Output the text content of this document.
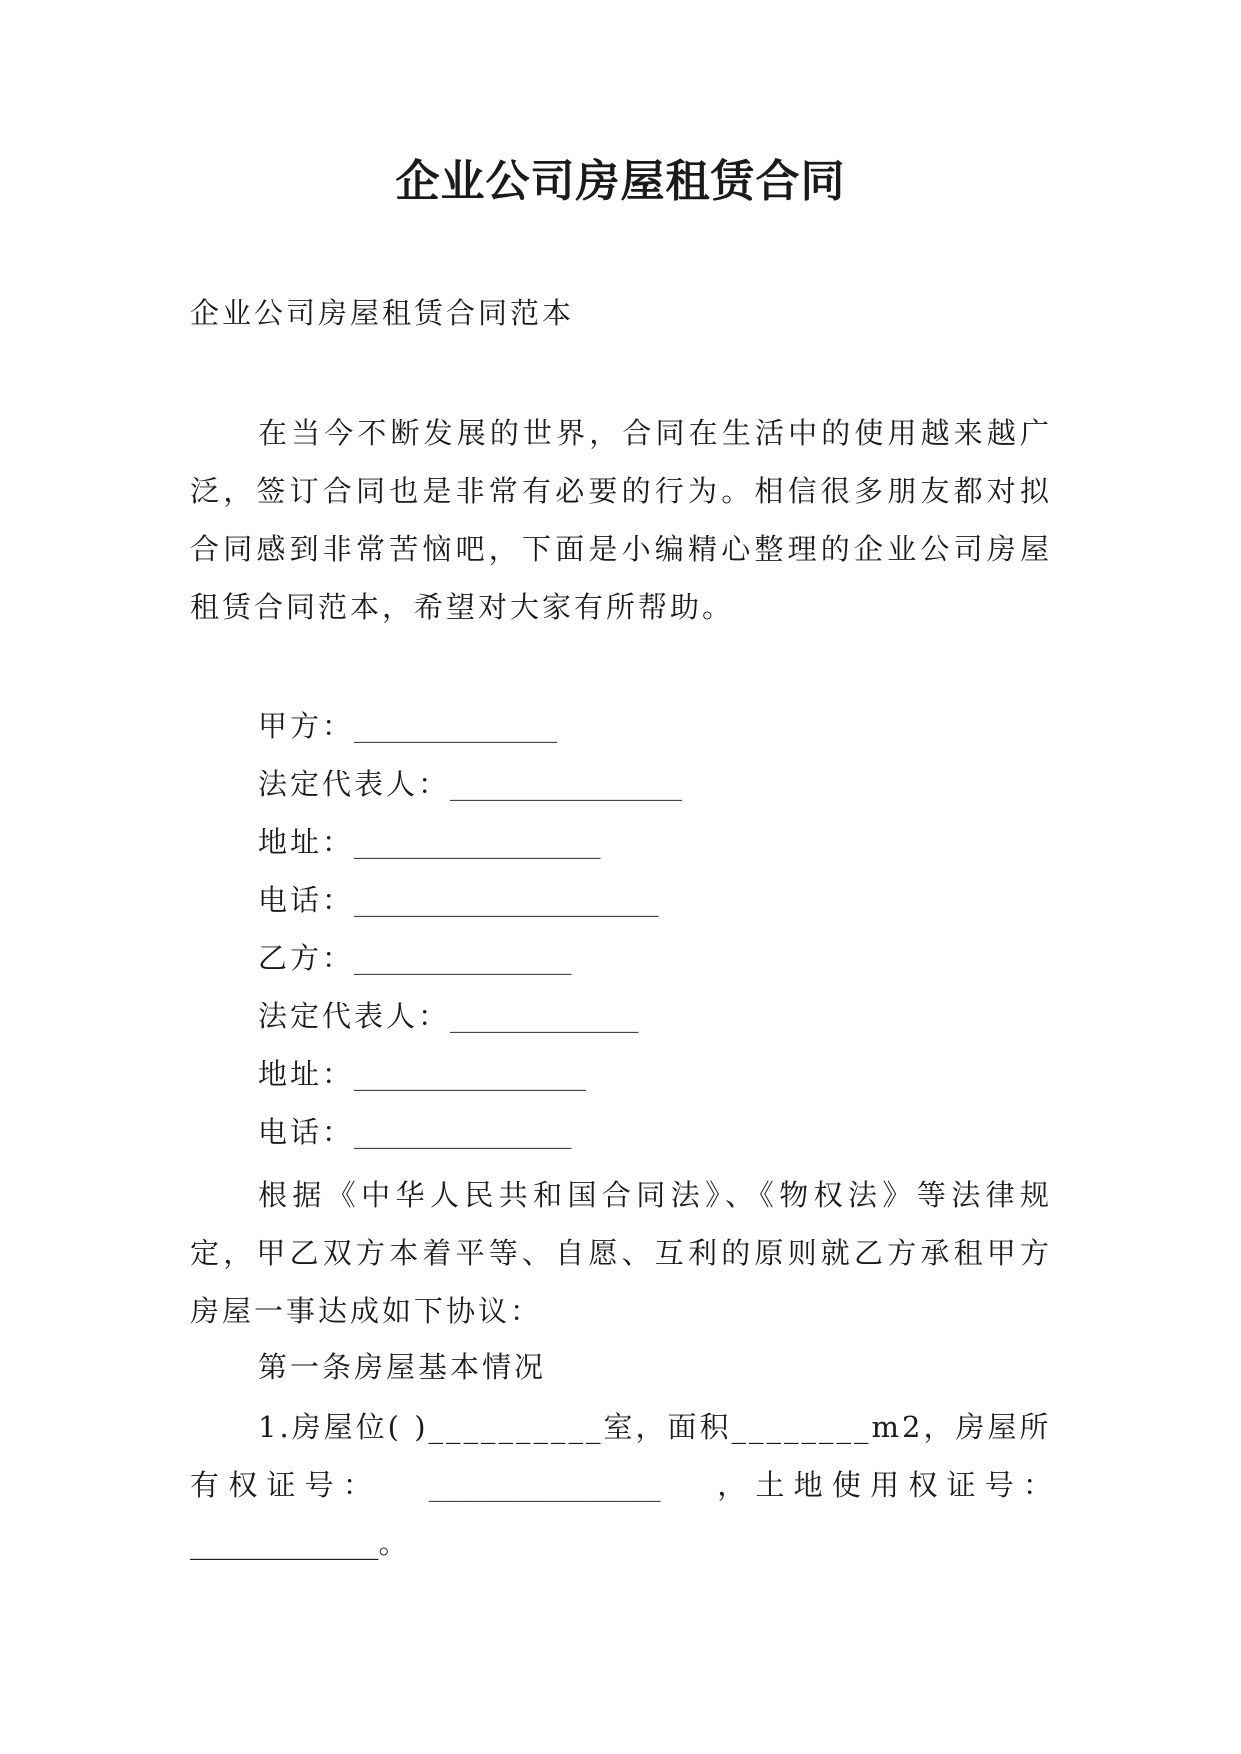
企业公司房屋租赁合同
企业公司房屋租赁合同范本
在当今不断发展的世界，合同在生活中的使用越来越广泛，签订合同也是非常有必要的行为。相信很多朋友都对拟合同感到非常苦恼吧，下面是小编精心整理的企业公司房屋租赁合同范本，希望对大家有所帮助。
甲方：______________
法定代表人：________________
地址：_________________
电话：_____________________
乙方：_______________
法定代表人：_____________
地址：________________
电话：_______________
根据《中华人民共和国合同法》、《物权法》等法律规定，甲乙双方本着平等、自愿、互利的原则就乙方承租甲方房屋一事达成如下协议：
第一条房屋基本情况
1.房屋位( )__________室，面积________m2，房屋所
有 权 证 号 ： ________________ ， 土 地 使 用 权 证 号 ：
_____________。
